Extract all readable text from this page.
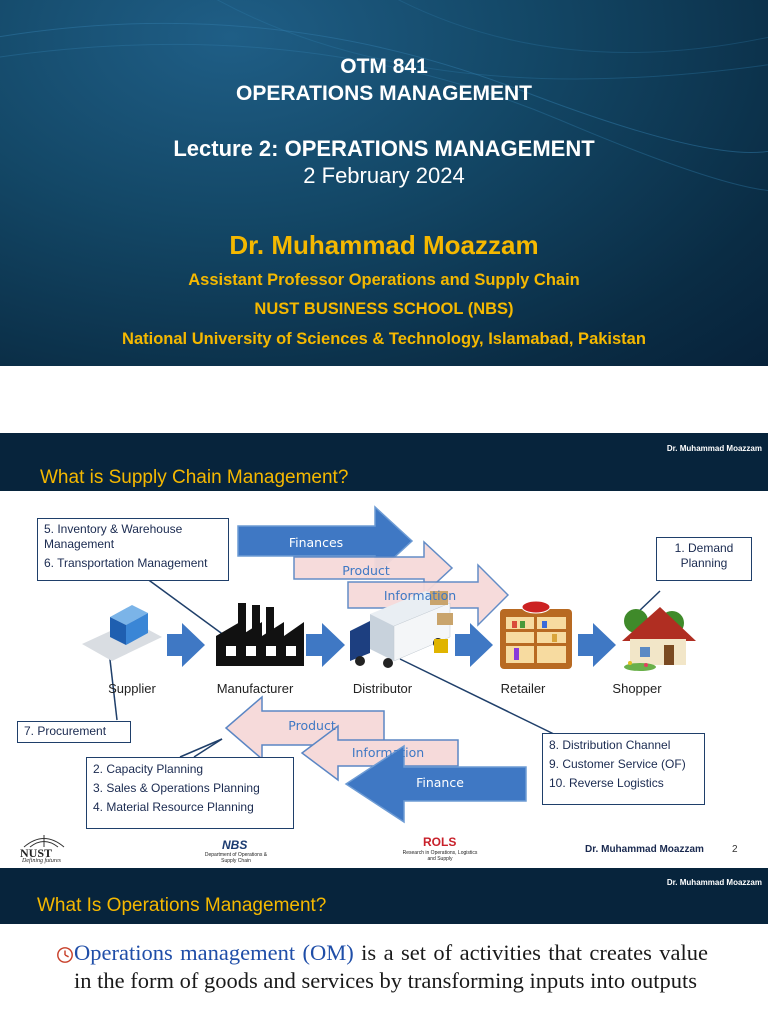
OTM 841
OPERATIONS MANAGEMENT
Lecture 2: OPERATIONS MANAGEMENT
2 February 2024
Dr. Muhammad Moazzam
Assistant Professor Operations and Supply Chain
NUST BUSINESS SCHOOL (NBS)
National University of Sciences & Technology, Islamabad, Pakistan
Dr. Muhammad Moazzam
What is Supply Chain Management?
Finances
Product
Information
Product
Information
Finance
Supplier	Manufacturer	Distributor	Retailer	Shopper

5. Inventory & Warehouse Management

6. Transportation Management

1. Demand Planning

7. Procurement

2. Capacity Planning

3. Sales & Operations Planning

4. Material Resource Planning

8. Distribution Channel

9. Customer Service (OF)

10. Reverse Logistics

NUST
Defining futures
NBS
Department of Operations & Supply Chain
ROLS
Research in Operations, Logistics and Supply
Dr. Muhammad Moazzam	2
Dr. Muhammad Moazzam
What Is Operations Management?
Operations management (OM) is a set of activities that creates value in the form of goods and services by transforming inputs into outputs
